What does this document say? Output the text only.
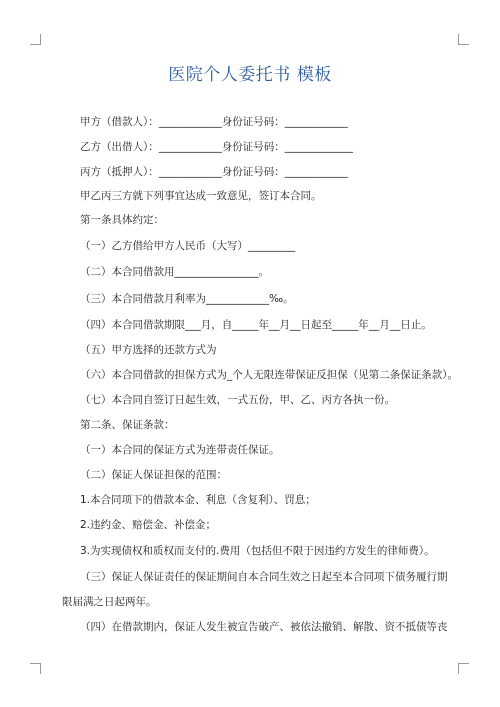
医院个人委托书 模板
甲方（借款人）：____________身份证号码：____________
乙方（出借人）：____________身份证号码：_____________
丙方（抵押人）：____________身份证号码：____________
甲乙丙三方就下列事宜达成一致意见，签订本合同。
第一条具体约定：
（一）乙方借给甲方人民币（大写）_________
（二）本合同借款用________________。
（三）本合同借款月利率为____________‰。
（四）本合同借款期限___月，自_____年__月__日起至_____年__月__日止。
（五）甲方选择的还款方式为
（六）本合同借款的担保方式为_个人无限连带保证反担保（见第二条保证条款）。
（七）本合同自签订日起生效，一式五份，甲、乙、丙方各执一份。
第二条、保证条款：
（一）本合同的保证方式为连带责任保证。
（二）保证人保证担保的范围：
1.本合同项下的借款本金、利息（含复利）、罚息；
2.违约金、赔偿金、补偿金；
3.为实现债权和质权而支付的.费用（包括但不限于因违约方发生的律师费）。
（三）保证人保证责任的保证期间自本合同生效之日起至本合同项下债务履行期
限届满之日起两年。
（四）在借款期内，保证人发生被宣告破产、被依法撤销、解散、资不抵债等丧
